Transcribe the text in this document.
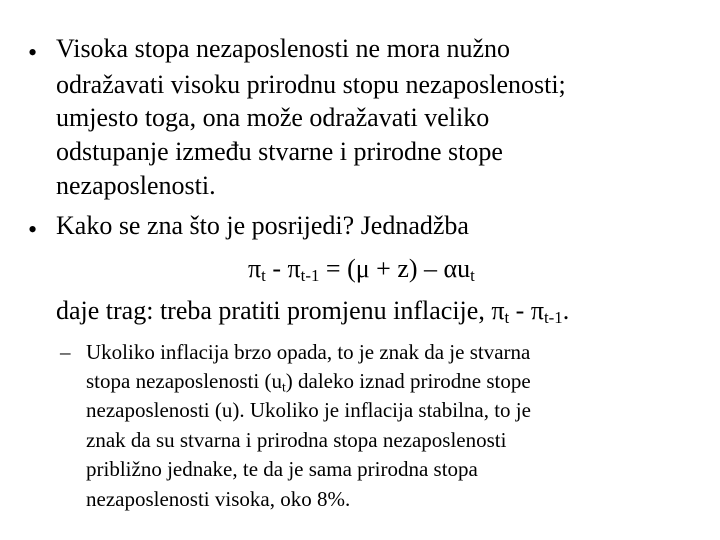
• Visoka stopa nezaposlenosti ne mora nužno
odražavati visoku prirodnu stopu nezaposlenosti;
umjesto toga, ona može odražavati veliko
odstupanje između stvarne i prirodne stope
nezaposlenosti.
• Kako se zna što je posrijedi? Jednadžba
$\pi_t - \pi_{t-1} = (\mu + z) - \alpha u_t$
daje trag: treba pratiti promjenu inflacije, $\pi_t - \pi_{t-1}$.
– Ukoliko inflacija brzo opada, to je znak da je stvarna
stopa nezaposlenosti $(u_t)$ daleko iznad prirodne stope
nezaposlenosti (u). Ukoliko je inflacija stabilna, to je
znak da su stvarna i prirodna stopa nezaposlenosti
približno jednake, te da je sama prirodna stopa
nezaposlenosti visoka, oko 8%.
